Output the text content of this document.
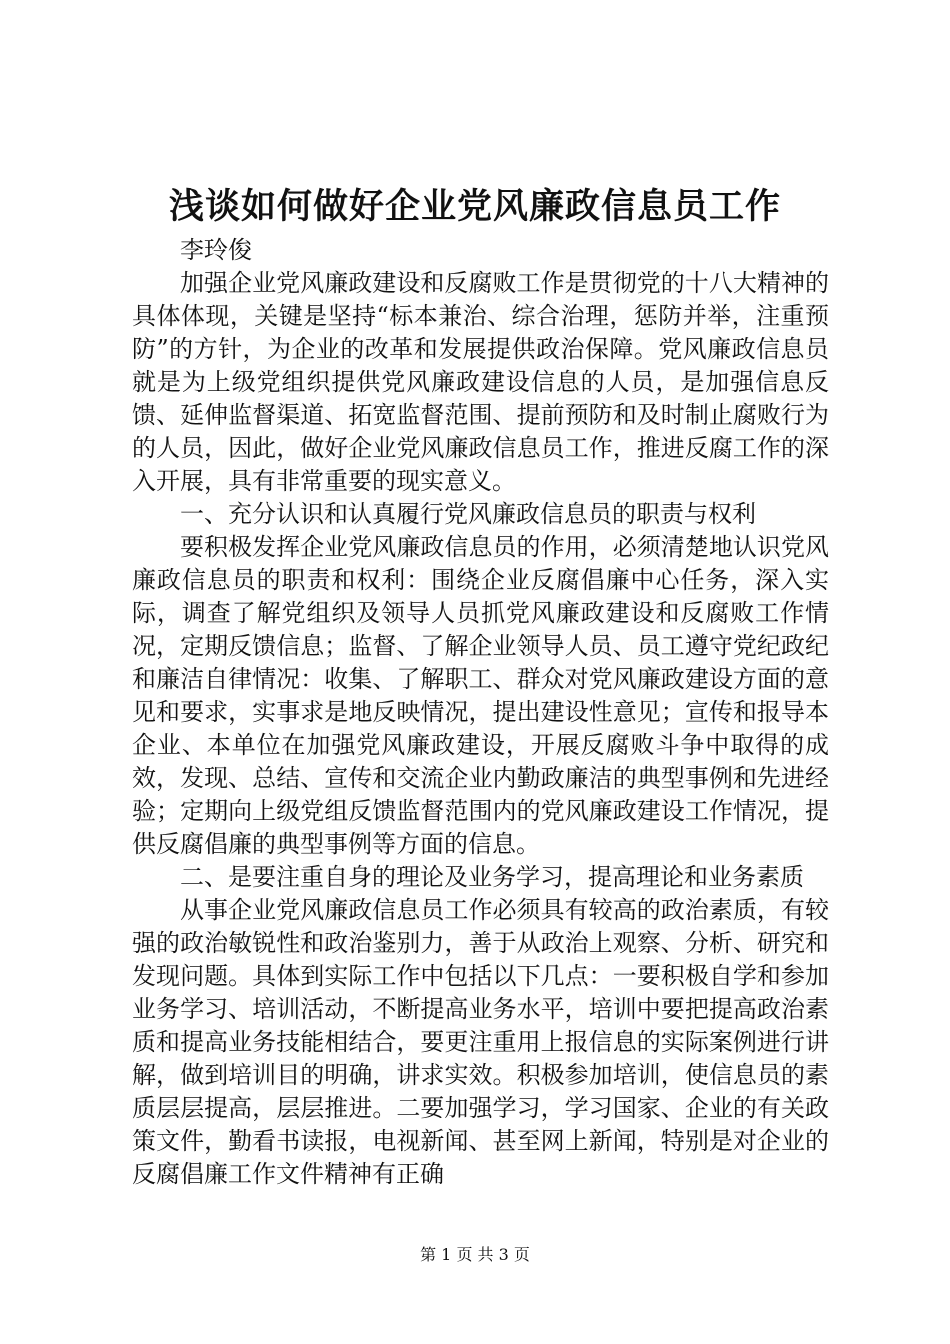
浅谈如何做好企业党风廉政信息员工作

李玲俊

加强企业党风廉政建设和反腐败工作是贯彻党的十八大精神的具体体现，关键是坚持“标本兼治、综合治理，惩防并举，注重预防”的方针，为企业的改革和发展提供政治保障。党风廉政信息员就是为上级党组织提供党风廉政建设信息的人员，是加强信息反馈、延伸监督渠道、拓宽监督范围、提前预防和及时制止腐败行为的人员，因此，做好企业党风廉政信息员工作，推进反腐工作的深入开展，具有非常重要的现实意义。

一、充分认识和认真履行党风廉政信息员的职责与权利

要积极发挥企业党风廉政信息员的作用，必须清楚地认识党风廉政信息员的职责和权利：围绕企业反腐倡廉中心任务，深入实际，调查了解党组织及领导人员抓党风廉政建设和反腐败工作情况，定期反馈信息；监督、了解企业领导人员、员工遵守党纪政纪和廉洁自律情况：收集、了解职工、群众对党风廉政建设方面的意见和要求，实事求是地反映情况，提出建设性意见；宣传和报导本企业、本单位在加强党风廉政建设，开展反腐败斗争中取得的成效，发现、总结、宣传和交流企业内勤政廉洁的典型事例和先进经验；定期向上级党组反馈监督范围内的党风廉政建设工作情况，提供反腐倡廉的典型事例等方面的信息。

二、是要注重自身的理论及业务学习，提高理论和业务素质

从事企业党风廉政信息员工作必须具有较高的政治素质，有较强的政治敏锐性和政治鉴别力，善于从政治上观察、分析、研究和发现问题。具体到实际工作中包括以下几点：一要积极自学和参加业务学习、培训活动，不断提高业务水平，培训中要把提高政治素质和提高业务技能相结合，要更注重用上报信息的实际案例进行讲解，做到培训目的明确，讲求实效。积极参加培训，使信息员的素质层层提高，层层推进。二要加强学习，学习国家、企业的有关政策文件，勤看书读报，电视新闻、甚至网上新闻，特别是对企业的反腐倡廉工作文件精神有正确

第 1 页 共 3 页
